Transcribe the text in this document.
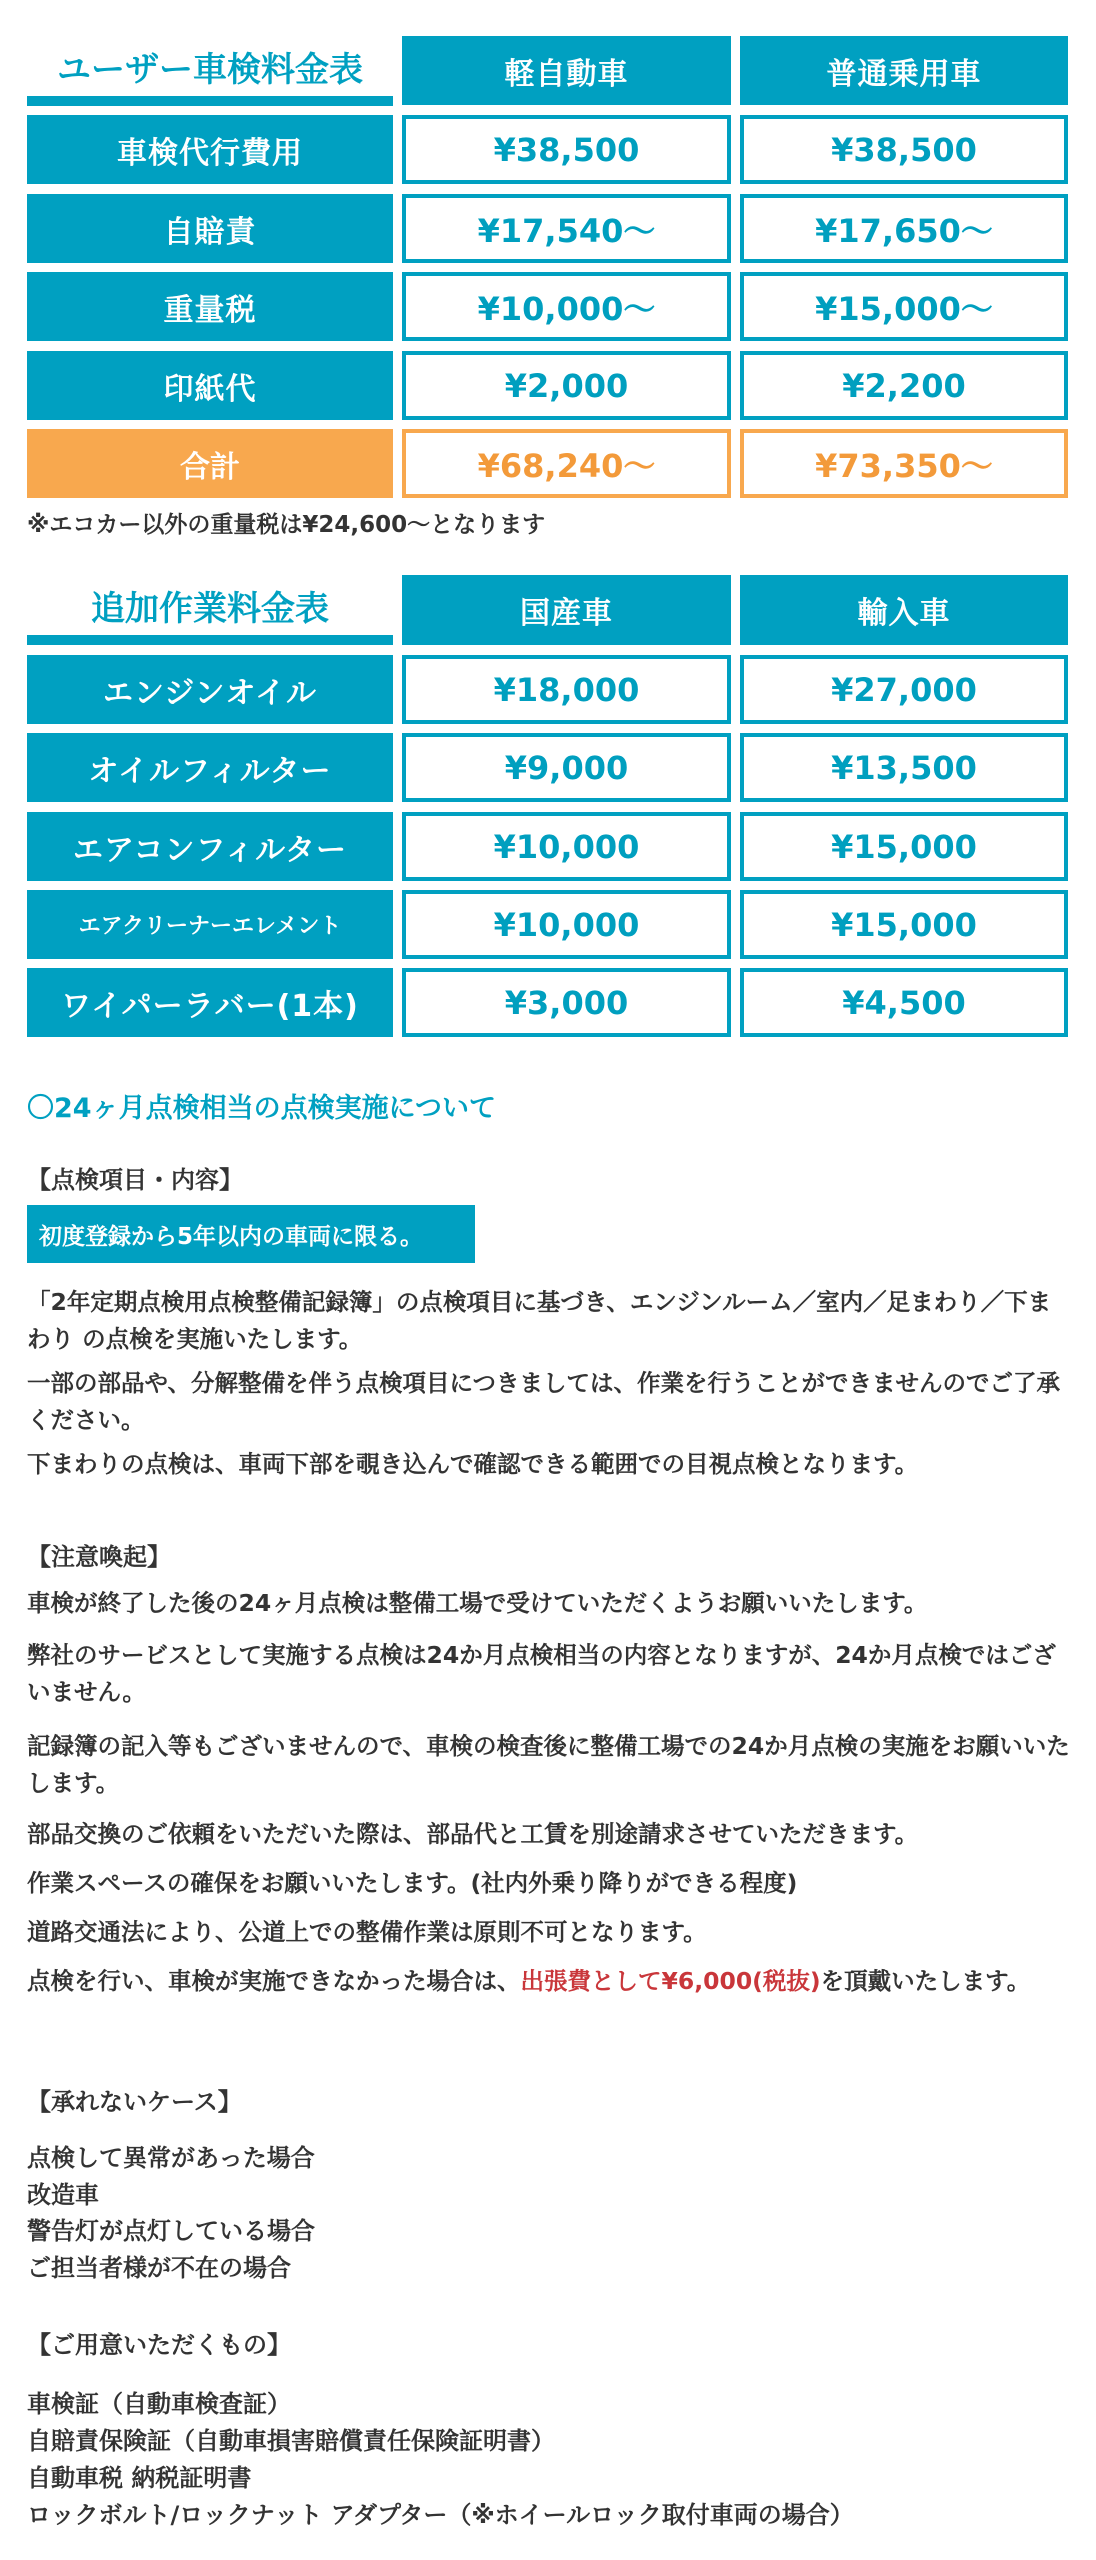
ユーザー車検料金表	軽自動車	普通乗用車
車検代行費用	¥38,500	¥38,500
自賠責	¥17,540～	¥17,650～
重量税	¥10,000～	¥15,000～
印紙代	¥2,000	¥2,200
合計	¥68,240～	¥73,350～
※エコカー以外の重量税は¥24,600～となります
追加作業料金表	国産車	輸入車
エンジンオイル	¥18,000	¥27,000
オイルフィルター	¥9,000	¥13,500
エアコンフィルター	¥10,000	¥15,000
エアクリーナーエレメント	¥10,000	¥15,000
ワイパーラバー(1本)	¥3,000	¥4,500
〇24ヶ月点検相当の点検実施について
【点検項目・内容】
初度登録から5年以内の車両に限る。
「2年定期点検用点検整備記録簿」の点検項目に基づき、エンジンルーム／室内／足まわり／下まわり の点検を実施いたします。
一部の部品や、分解整備を伴う点検項目につきましては、作業を行うことができませんのでご了承ください。
下まわりの点検は、車両下部を覗き込んで確認できる範囲での目視点検となります。
【注意喚起】
車検が終了した後の24ヶ月点検は整備工場で受けていただくようお願いいたします。
弊社のサービスとして実施する点検は24か月点検相当の内容となりますが、24か月点検ではございません。
記録簿の記入等もございませんので、車検の検査後に整備工場での24か月点検の実施をお願いいたします。
部品交換のご依頼をいただいた際は、部品代と工賃を別途請求させていただきます。
作業スペースの確保をお願いいたします。(社内外乗り降りができる程度)
道路交通法により、公道上での整備作業は原則不可となります。
点検を行い、車検が実施できなかった場合は、出張費として¥6,000(税抜)を頂戴いたします。
【承れないケース】
点検して異常があった場合
改造車
警告灯が点灯している場合
ご担当者様が不在の場合
【ご用意いただくもの】
車検証（自動車検査証）
自賠責保険証（自動車損害賠償責任保険証明書）
自動車税 納税証明書
ロックボルト/ロックナット アダプター（※ホイールロック取付車両の場合）
